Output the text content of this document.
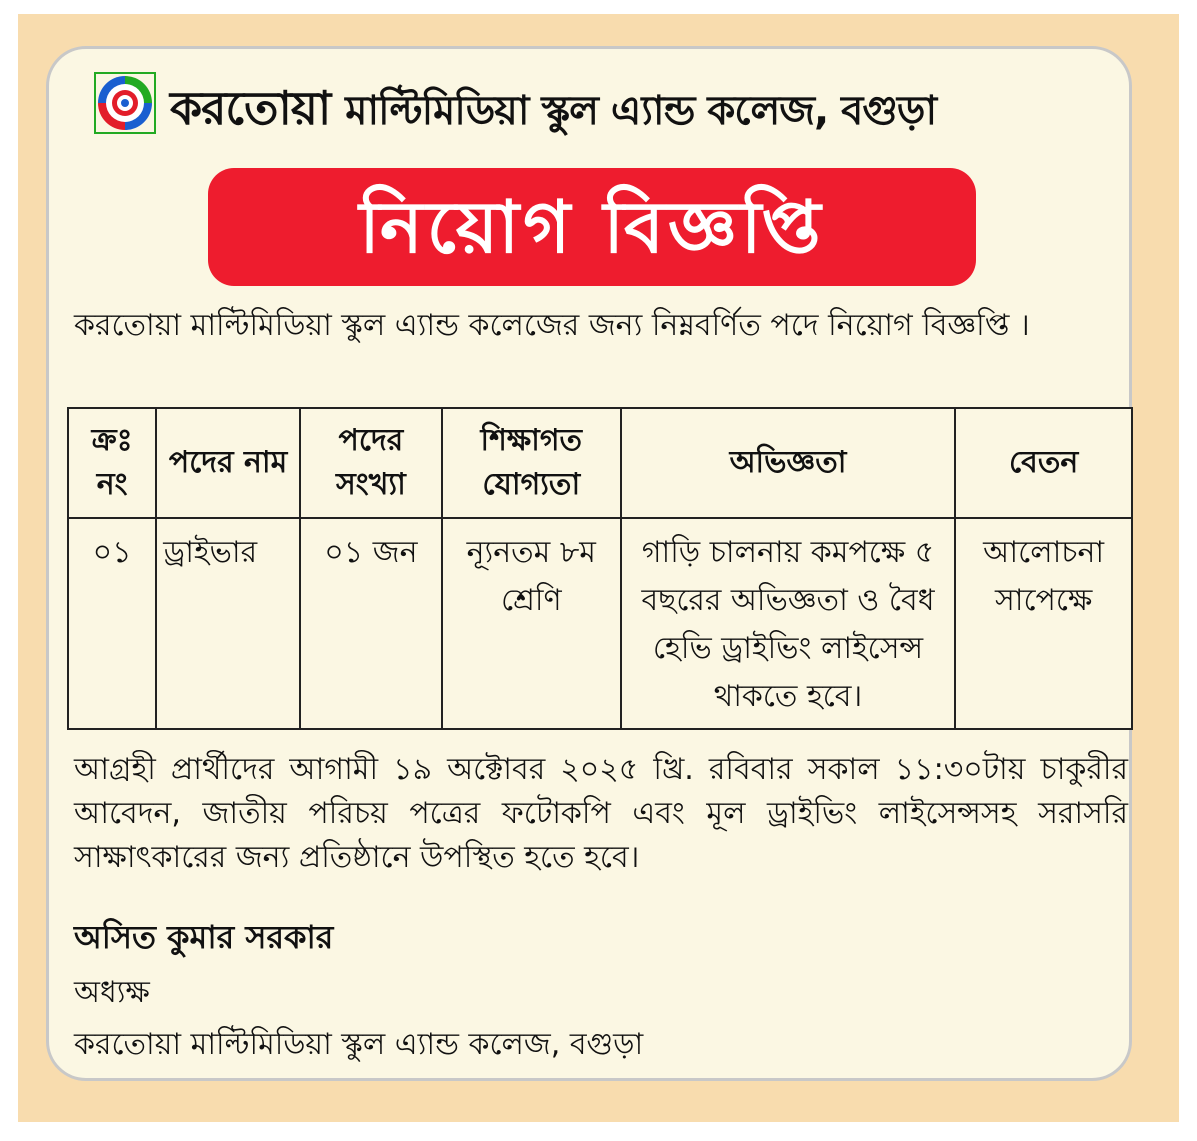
করতোয়া মাল্টিমিডিয়া স্কুল এ্যান্ড কলেজ, বগুড়া
নিয়োগ বিজ্ঞপ্তি
করতোয়া মাল্টিমিডিয়া স্কুল এ্যান্ড কলেজের জন্য নিম্নবর্ণিত পদে নিয়োগ বিজ্ঞপ্তি ।
ক্রঃ নং	পদের নাম	পদের সংখ্যা	শিক্ষাগত যোগ্যতা	অভিজ্ঞতা	বেতন
০১	ড্রাইভার	০১ জন	ন্যূনতম ৮ম শ্রেণি	গাড়ি চালনায় কমপক্ষে ৫ বছরের অভিজ্ঞতা ও বৈধ হেভি ড্রাইভিং লাইসেন্স থাকতে হবে।	আলোচনা সাপেক্ষে
আগ্রহী প্রার্থীদের আগামী ১৯ অক্টোবর ২০২৫ খ্রি. রবিবার সকাল ১১:৩০টায় চাকুরীর আবেদন, জাতীয় পরিচয় পত্রের ফটোকপি এবং মূল ড্রাইভিং লাইসেন্সসহ সরাসরি সাক্ষাৎকারের জন্য প্রতিষ্ঠানে উপস্থিত হতে হবে।
অসিত কুমার সরকার
অধ্যক্ষ
করতোয়া মাল্টিমিডিয়া স্কুল এ্যান্ড কলেজ, বগুড়া
